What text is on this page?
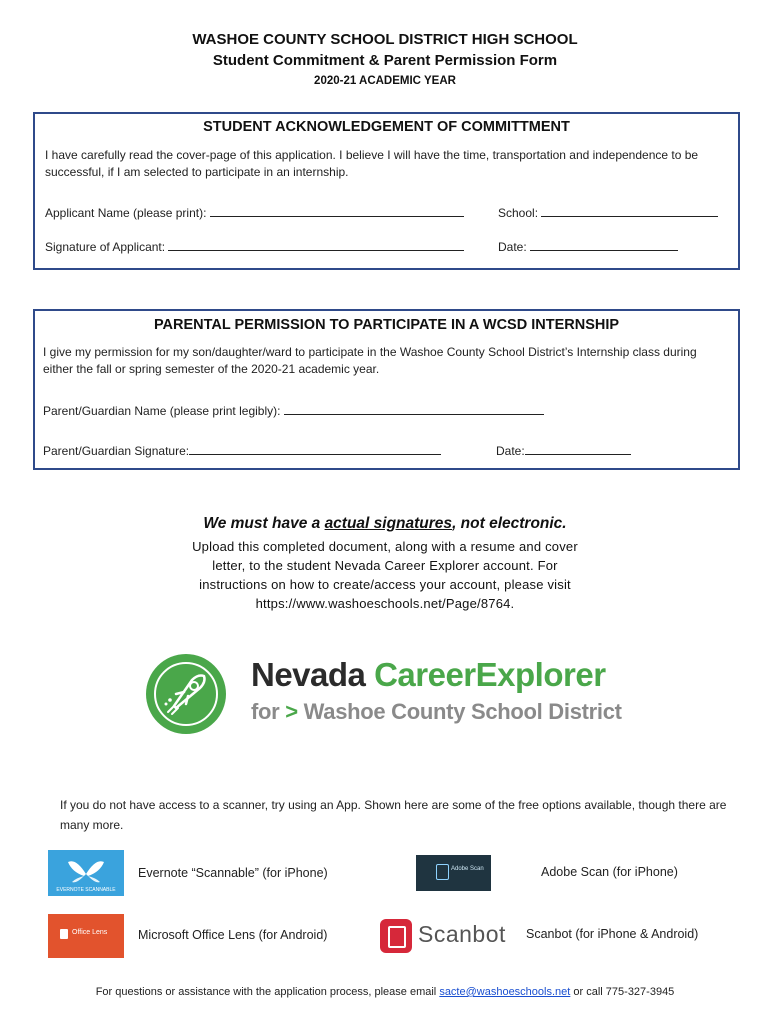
WASHOE COUNTY SCHOOL DISTRICT HIGH SCHOOL
Student Commitment & Parent Permission Form
2020-21 ACADEMIC YEAR
STUDENT ACKNOWLEDGEMENT OF COMMITTMENT
I have carefully read the cover-page of this application. I believe I will have the time, transportation and independence to be successful, if I am selected to participate in an internship.
Applicant Name (please print):	School:
Signature of Applicant:	Date:
PARENTAL PERMISSION TO PARTICIPATE IN A WCSD INTERNSHIP
I give my permission for my son/daughter/ward to participate in the Washoe County School District’s Internship class during either the fall or spring semester of the 2020-21 academic year.
Parent/Guardian Name (please print legibly):
Parent/Guardian Signature:	Date:
We must have a actual signatures, not electronic.
Upload this completed document, along with a resume and cover
letter, to the student Nevada Career Explorer account. For
instructions on how to create/access your account, please visit
https://www.washoeschools.net/Page/8764.
Nevada CareerExplorer
for > Washoe County School District
If you do not have access to a scanner, try using an App. Shown here are some of the free options available, though there are many more.
EVERNOTE SCANNABLE
Evernote “Scannable” (for iPhone)	Adobe Scan	Adobe Scan (for iPhone)
Office Lens Microsoft Office Lens (for Android)	Scanbot Scanbot (for iPhone & Android)
For questions or assistance with the application process, please email sacte@washoeschools.net or call 775-327-3945
